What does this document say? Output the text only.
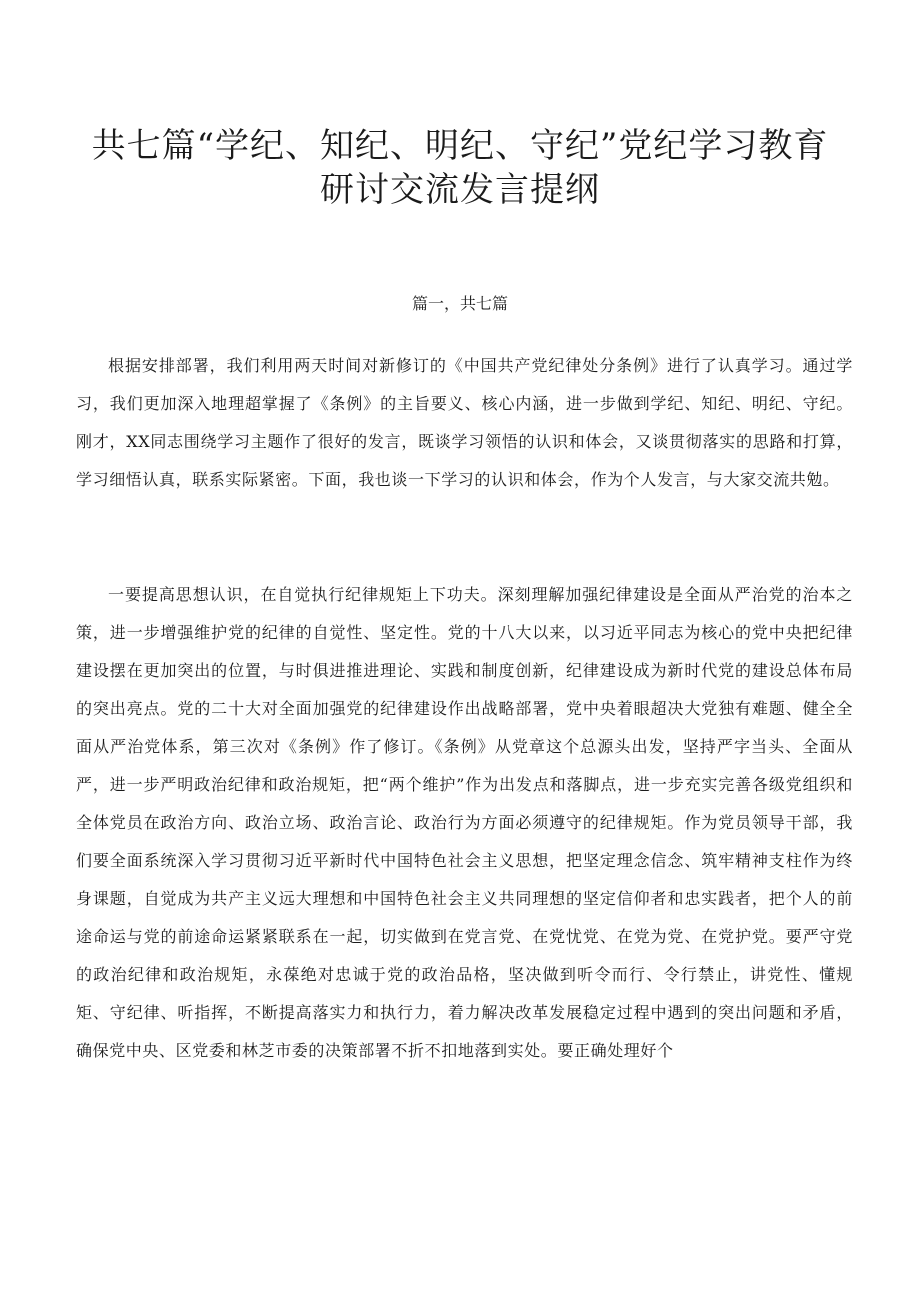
共七篇“学纪、知纪、明纪、守纪”党纪学习教育
研讨交流发言提纲
篇一，共七篇

根据安排部署，我们利用两天时间对新修订的《中国共产党纪律处分条例》进行了认真学习。通过学习，我们更加深入地理超掌握了《条例》的主旨要义、核心内涵，进一步做到学纪、知纪、明纪、守纪。刚才，XX同志围绕学习主题作了很好的发言，既谈学习领悟的认识和体会，又谈贯彻落实的思路和打算，学习细悟认真，联系实际紧密。下面，我也谈一下学习的认识和体会，作为个人发言，与大家交流共勉。

一要提高思想认识，在自觉执行纪律规矩上下功夫。深刻理解加强纪律建设是全面从严治党的治本之策，进一步增强维护党的纪律的自觉性、坚定性。党的十八大以来，以习近平同志为核心的党中央把纪律建设摆在更加突出的位置，与时俱进推进理论、实践和制度创新，纪律建设成为新时代党的建设总体布局的突出亮点。党的二十大对全面加强党的纪律建设作出战略部署，党中央着眼超决大党独有难题、健全全面从严治党体系，第三次对《条例》作了修订。《条例》从党章这个总源头出发，坚持严字当头、全面从严，进一步严明政治纪律和政治规矩，把“两个维护”作为出发点和落脚点，进一步充实完善各级党组织和全体党员在政治方向、政治立场、政治言论、政治行为方面必须遵守的纪律规矩。作为党员领导干部，我们要全面系统深入学习贯彻习近平新时代中国特色社会主义思想，把坚定理念信念、筑牢精神支柱作为终身课题，自觉成为共产主义远大理想和中国特色社会主义共同理想的坚定信仰者和忠实践者，把个人的前途命运与党的前途命运紧紧联系在一起，切实做到在党言党、在党忧党、在党为党、在党护党。要严守党的政治纪律和政治规矩，永葆绝对忠诚于党的政治品格，坚决做到听令而行、令行禁止，讲党性、懂规矩、守纪律、听指挥，不断提高落实力和执行力，着力解决改革发展稳定过程中遇到的突出问题和矛盾，确保党中央、区党委和林芝市委的决策部署不折不扣地落到实处。要正确处理好个
